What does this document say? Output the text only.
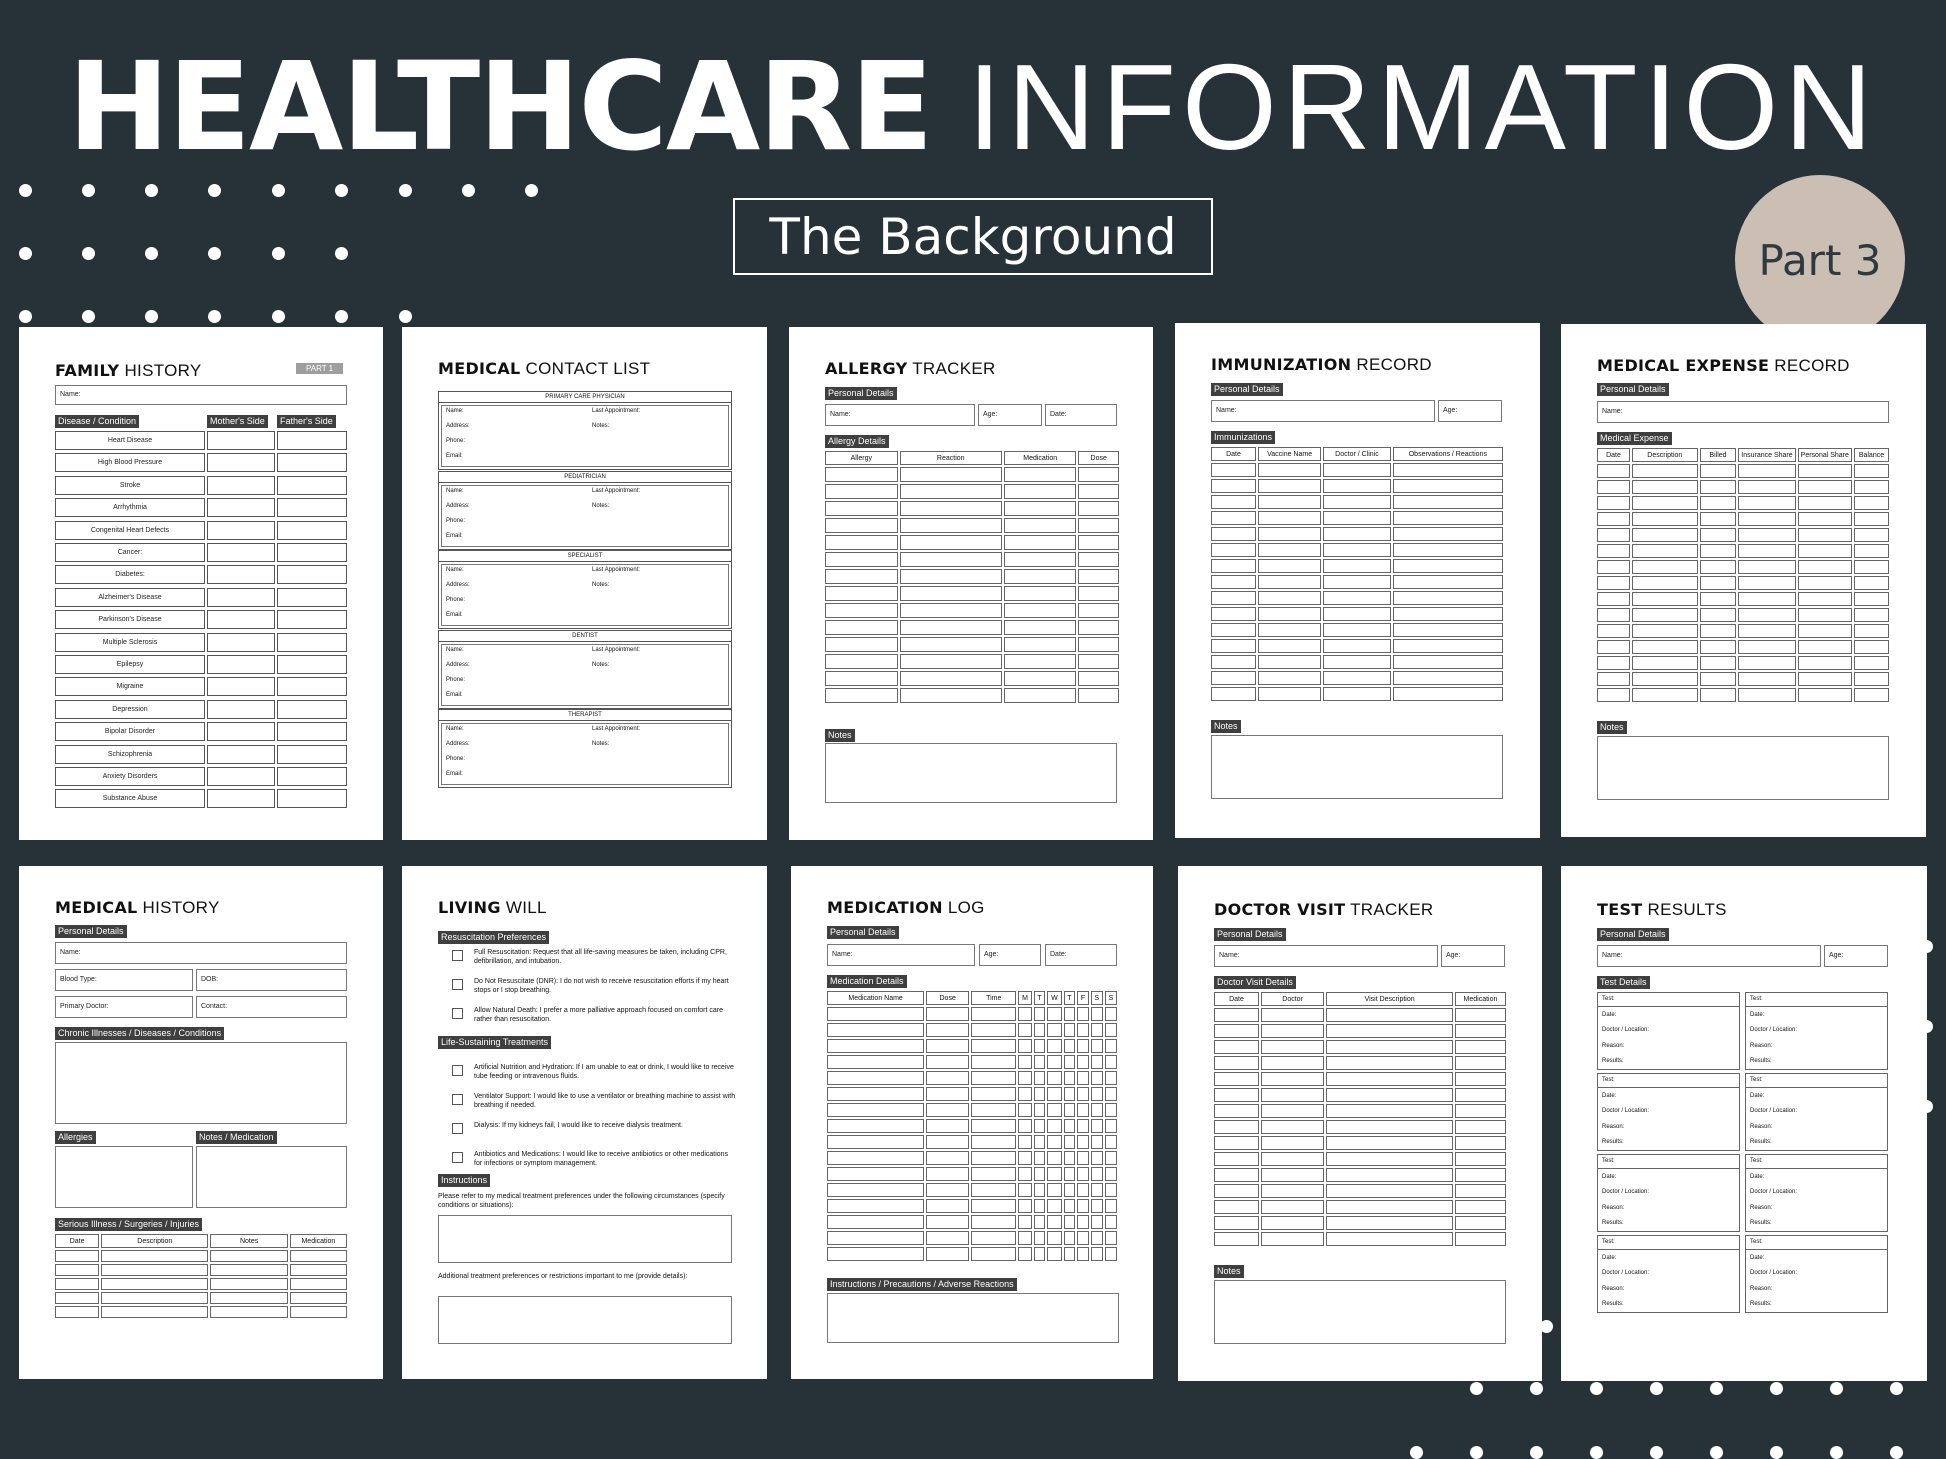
HEALTHCARE INFORMATION
The Background	Part 3
FAMILY HISTORY	PART 1
Name:
Disease / Condition	Mother's Side	Father's Side
Heart Disease
High Blood Pressure
Stroke
Arrhythmia
Congenital Heart Defects
Cancer:
Diabetes:
Alzheimer's Disease
Parkinson's Disease
Multiple Sclerosis
Epilepsy
Migraine
Depression
Bipolar Disorder
Schizophrenia
Anxiety Disorders
Substance Abuse
MEDICAL CONTACT LIST
PRIMARY CARE PHYSICIAN
Name:
Address:
Phone:
Email:
Last Appointment:
Notes:
PEDIATRICIAN
Name:
Address:
Phone:
Email:
Last Appointment:
Notes:
SPECIALIST
Name:
Address:
Phone:
Email:
Last Appointment:
Notes:
DENTIST
Name:
Address:
Phone:
Email:
Last Appointment:
Notes:
THERAPIST
Name:
Address:
Phone:
Email:
Last Appointment:
Notes:
ALLERGY TRACKER
Personal Details
Name:	Age:	Date:
Allergy Details
Allergy	Reaction	Medication	Dose

Notes
IMMUNIZATION RECORD
Personal Details
Name:	Age:
Immunizations
Date	Vaccine Name	Doctor / Clinic	Observations / Reactions

Notes
MEDICAL EXPENSE RECORD
Personal Details
Name:
Medical Expense
Date	Description	Billed	Insurance Share	Personal Share	Balance

Notes
MEDICAL HISTORY
Personal Details
Name:
Blood Type:	DOB:
Primary Doctor:	Contact:
Chronic Illnesses / Diseases / Conditions
Allergies	Notes / Medication
Serious Illness / Surgeries / Injuries
Date	Description	Notes	Medication

LIVING WILL
Resuscitation Preferences
Life-Sustaining Treatments
Instructions
Please refer to my medical treatment preferences under the following circumstances (specify conditions or situations):
Additional treatment preferences or restrictions important to me (provide details):
Full Resuscitation: Request that all life-saving measures be taken, including CPR, defibrillation, and intubation.
Do Not Resuscitate (DNR): I do not wish to receive resuscitation efforts if my heart stops or I stop breathing.
Allow Natural Death: I prefer a more palliative approach focused on comfort care rather than resuscitation.
Artificial Nutrition and Hydration: If I am unable to eat or drink, I would like to receive tube feeding or intravenous fluids.
Ventilator Support: I would like to use a ventilator or breathing machine to assist with breathing if needed.
Dialysis: If my kidneys fail, I would like to receive dialysis treatment.
Antibiotics and Medications: I would like to receive antibiotics or other medications for infections or symptom management.
MEDICATION LOG
Personal Details
Name:	Age:	Date:
Medication Details
Medication Name	Dose	Time	M	T	W	T	F	S	S

Instructions / Precautions / Adverse Reactions
DOCTOR VISIT TRACKER
Personal Details
Name:	Age:
Doctor Visit Details
Date	Doctor	Visit Description	Medication

Notes
TEST RESULTS
Personal Details
Name:	Age:
Test Details
Test:
Date:
Doctor / Location:
Reason:
Results:
Test:
Date:
Doctor / Location:
Reason:
Results:
Test:
Date:
Doctor / Location:
Reason:
Results:
Test:
Date:
Doctor / Location:
Reason:
Results:
Test:
Date:
Doctor / Location:
Reason:
Results:
Test:
Date:
Doctor / Location:
Reason:
Results:
Test:
Date:
Doctor / Location:
Reason:
Results:
Test:
Date:
Doctor / Location:
Reason:
Results:
